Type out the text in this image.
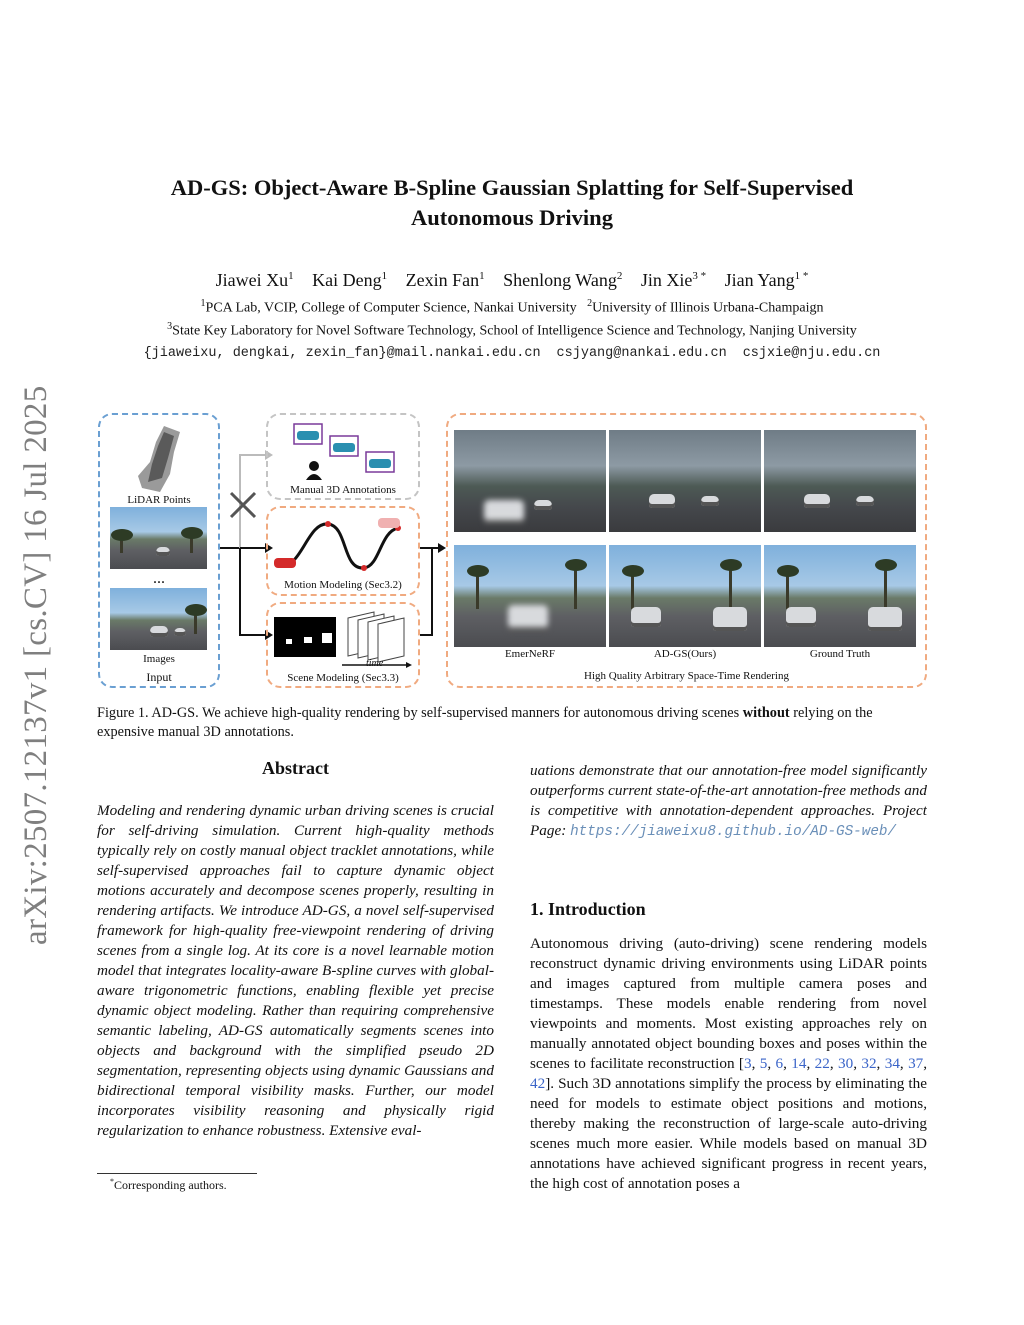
arXiv:2507.12137v1 [cs.CV] 16 Jul 2025
AD-GS: Object-Aware B-Spline Gaussian Splatting for Self-Supervised
Autonomous Driving
Jiawei Xu$^1$ Kai Deng$^1$ Zexin Fan$^1$ Shenlong Wang$^2$ Jin Xie$^{3 *}$ Jian Yang$^{1 *}$
$^1$PCA Lab, VCIP, College of Computer Science, Nankai University $^2$University of Illinois Urbana-Champaign
$^3$State Key Laboratory for Novel Software Technology, School of Intelligence Science and Technology, Nanjing University
{jiaweixu, dengkai, zexin_fan}@mail.nankai.edu.cn csjyang@nankai.edu.cn csjxie@nju.edu.cn
LiDAR Points
...
Images
Input
Manual 3D Annotations
Motion Modeling (Sec3.2)
time
Scene Modeling (Sec3.3)
EmerNeRF	AD-GS(Ours)	Ground Truth
High Quality Arbitrary Space-Time Rendering
Figure 1. AD-GS. We achieve high-quality rendering by self-supervised manners for autonomous driving scenes without relying on the expensive manual 3D annotations.
Abstract
Modeling and rendering dynamic urban driving scenes is crucial for self-driving simulation. Current high-quality methods typically rely on costly manual object tracklet annotations, while self-supervised approaches fail to capture dynamic object motions accurately and decompose scenes properly, resulting in rendering artifacts. We introduce AD-GS, a novel self-supervised framework for high-quality free-viewpoint rendering of driving scenes from a single log. At its core is a novel learnable motion model that integrates locality-aware B-spline curves with global-aware trigonometric functions, enabling flexible yet precise dynamic object modeling. Rather than requiring comprehensive semantic labeling, AD-GS automatically segments scenes into objects and background with the simplified pseudo 2D segmentation, representing objects using dynamic Gaussians and bidirectional temporal visibility masks. Further, our model incorporates visibility reasoning and physically rigid regularization to enhance robustness. Extensive eval-
uations demonstrate that our annotation-free model significantly outperforms current state-of-the-art annotation-free methods and is competitive with annotation-dependent approaches. Project Page: https://jiaweixu8.github.io/AD-GS-web/
1. Introduction
Autonomous driving (auto-driving) scene rendering models reconstruct dynamic driving environments using LiDAR points and images captured from multiple camera poses and timestamps. These models enable rendering from novel viewpoints and moments. Most existing approaches rely on manually annotated object bounding boxes and poses within the scenes to facilitate reconstruction [3, 5, 6, 14, 22, 30, 32, 34, 37, 42]. Such 3D annotations simplify the process by eliminating the need for models to estimate object positions and motions, thereby making the reconstruction of large-scale auto-driving scenes much more easier. While models based on manual 3D annotations have achieved significant progress in recent years, the high cost of annotation poses a
*Corresponding authors.
